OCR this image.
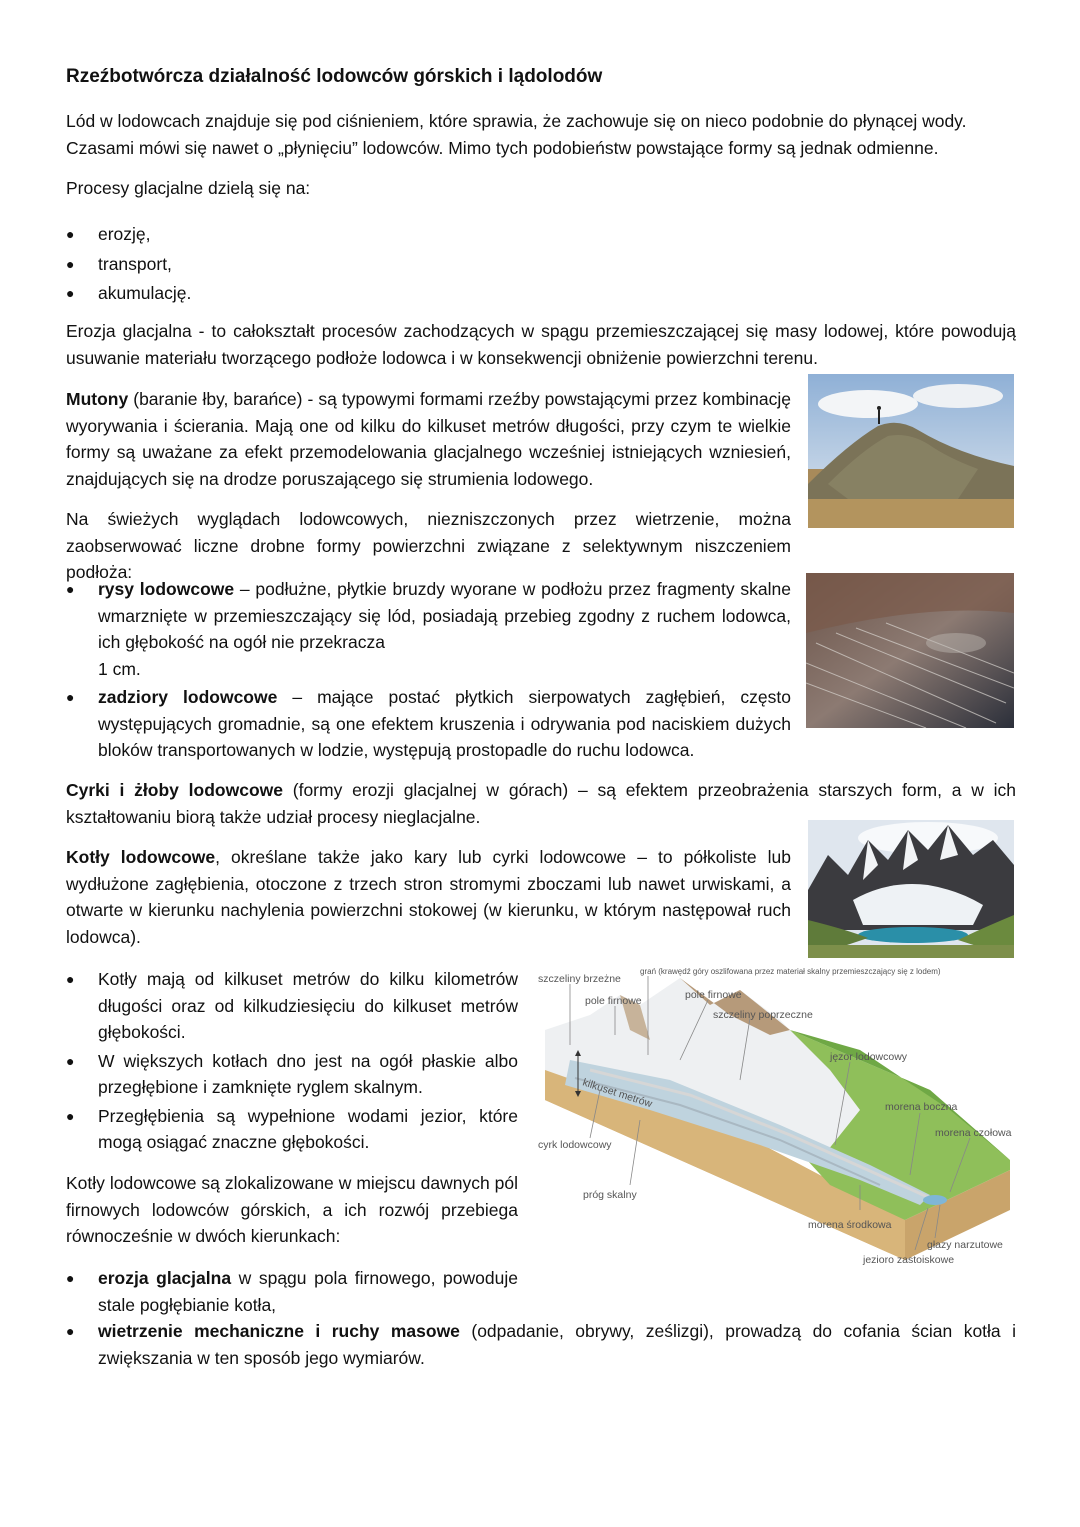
Rzeźbotwórcza działalność lodowców górskich i lądolodów
Lód w lodowcach znajduje się pod ciśnieniem, które sprawia, że zachowuje się on nieco podobnie do płynącej wody. Czasami mówi się nawet o „płynięciu” lodowców. Mimo tych podobieństw powstające formy są jednak odmienne.
Procesy glacjalne dzielą się na:
● erozję,
● transport,
● akumulację.
Erozja glacjalna - to całokształt procesów zachodzących w spągu przemieszczającej się masy lodowej, które powodują usuwanie materiału tworzącego podłoże lodowca i w konsekwencji obniżenie powierzchni terenu.
Mutony (baranie łby, barańce) - są typowymi formami rzeźby powstającymi przez kombinację wyorywania i ścierania. Mają one od kilku do kilkuset metrów długości, przy czym te wielkie formy są uważane za efekt przemodelowania glacjalnego wcześniej istniejących wzniesień, znajdujących się na drodze poruszającego się strumienia lodowego.
Na świeżych wyglądach lodowcowych, niezniszczonych przez wietrzenie, można zaobserwować liczne drobne formy powierzchni związane z selektywnym niszczeniem podłoża:
● rysy lodowcowe – podłużne, płytkie bruzdy wyorane w podłożu przez fragmenty skalne wmarznięte w przemieszczający się lód, posiadają przebieg zgodny z ruchem lodowca, ich głębokość na ogół nie przekracza
1 cm.
● zadziory lodowcowe – mające postać płytkich sierpowatych zagłębień, często występujących gromadnie, są one efektem kruszenia i odrywania pod naciskiem dużych bloków transportowanych w lodzie, występują prostopadle do ruchu lodowca.
Cyrki i żłoby lodowcowe (formy erozji glacjalnej w górach) – są efektem przeobrażenia starszych form, a w ich kształtowaniu biorą także udział procesy nieglacjalne.
Kotły lodowcowe, określane także jako kary lub cyrki lodowcowe – to półkoliste lub wydłużone zagłębienia, otoczone z trzech stron stromymi zboczami lub nawet urwiskami, a otwarte w kierunku nachylenia powierzchni stokowej (w kierunku, w którym następował ruch lodowca).
● Kotły mają od kilkuset metrów do kilku kilometrów długości oraz od kilkudziesięciu do kilkuset metrów głębokości.
● W większych kotłach dno jest na ogół płaskie albo przegłębione i zamknięte ryglem skalnym.
● Przegłębienia są wypełnione wodami jezior, które mogą osiągać znaczne głębokości.
Kotły lodowcowe są zlokalizowane w miejscu dawnych pól firnowych lodowców górskich, a ich rozwój przebiega równocześnie w dwóch kierunkach:
● erozja glacjalna w spągu pola firnowego, powoduje stale pogłębianie kotła,
● wietrzenie mechaniczne i ruchy masowe (odpadanie, obrywy, ześlizgi), prowadzą do cofania ścian kotła i zwiększania w ten sposób jego wymiarów.
kilkuset metrów
szczeliny brzeżne
grań (krawędź góry oszlifowana przez materiał skalny przemieszczający się z lodem)
pole firnowe	pole firnowe
szczeliny poprzeczne
jęzor lodowcowy
morena boczna
morena czołowa
cyrk lodowcowy
próg skalny
morena środkowa
głazy narzutowe
jezioro zastoiskowe
